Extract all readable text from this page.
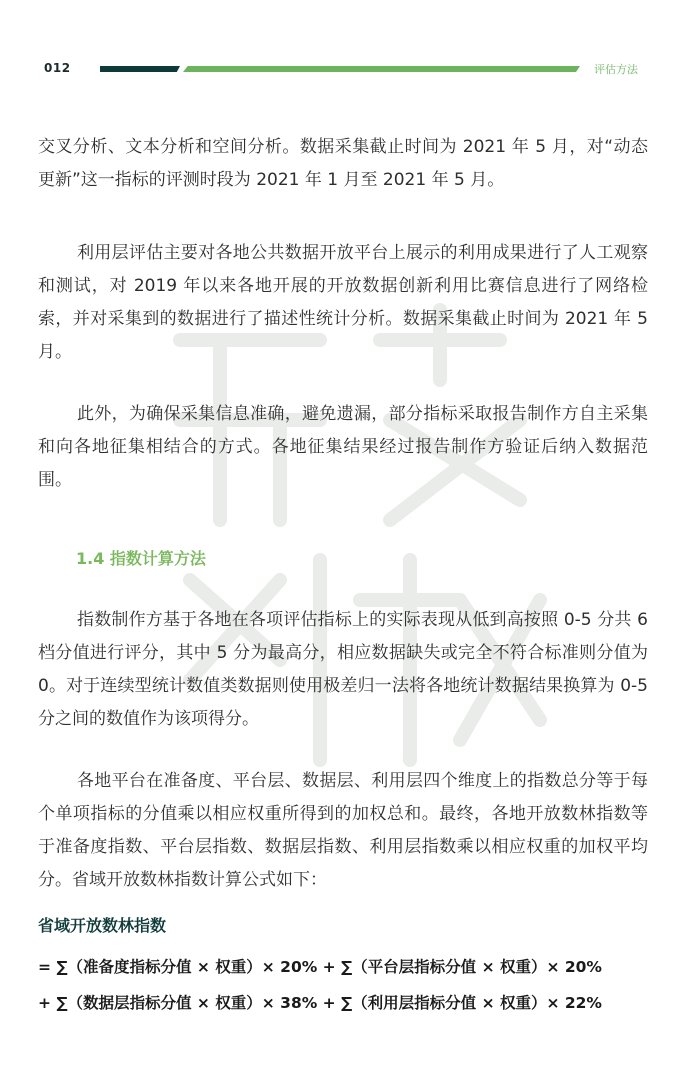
012	评估方法

交叉分析、文本分析和空间分析。数据采集截止时间为 2021 年 5 月，对“动态更新”这一指标的评测时段为 2021 年 1 月至 2021 年 5 月。

利用层评估主要对各地公共数据开放平台上展示的利用成果进行了人工观察和测试，对 2019 年以来各地开展的开放数据创新利用比赛信息进行了网络检索，并对采集到的数据进行了描述性统计分析。数据采集截止时间为 2021 年 5 月。

此外，为确保采集信息准确，避免遗漏，部分指标采取报告制作方自主采集和向各地征集相结合的方式。各地征集结果经过报告制作方验证后纳入数据范围。

1.4 指数计算方法

指数制作方基于各地在各项评估指标上的实际表现从低到高按照 0-5 分共 6 档分值进行评分，其中 5 分为最高分，相应数据缺失或完全不符合标准则分值为 0。对于连续型统计数值类数据则使用极差归一法将各地统计数据结果换算为 0-5 分之间的数值作为该项得分。

各地平台在准备度、平台层、数据层、利用层四个维度上的指数总分等于每个单项指标的分值乘以相应权重所得到的加权总和。最终，各地开放数林指数等于准备度指数、平台层指数、数据层指数、利用层指数乘以相应权重的加权平均分。省域开放数林指数计算公式如下：

省域开放数林指数

= ∑（准备度指标分值 × 权重）× 20% + ∑（平台层指标分值 × 权重）× 20%

+ ∑（数据层指标分值 × 权重）× 38% + ∑（利用层指标分值 × 权重）× 22%
